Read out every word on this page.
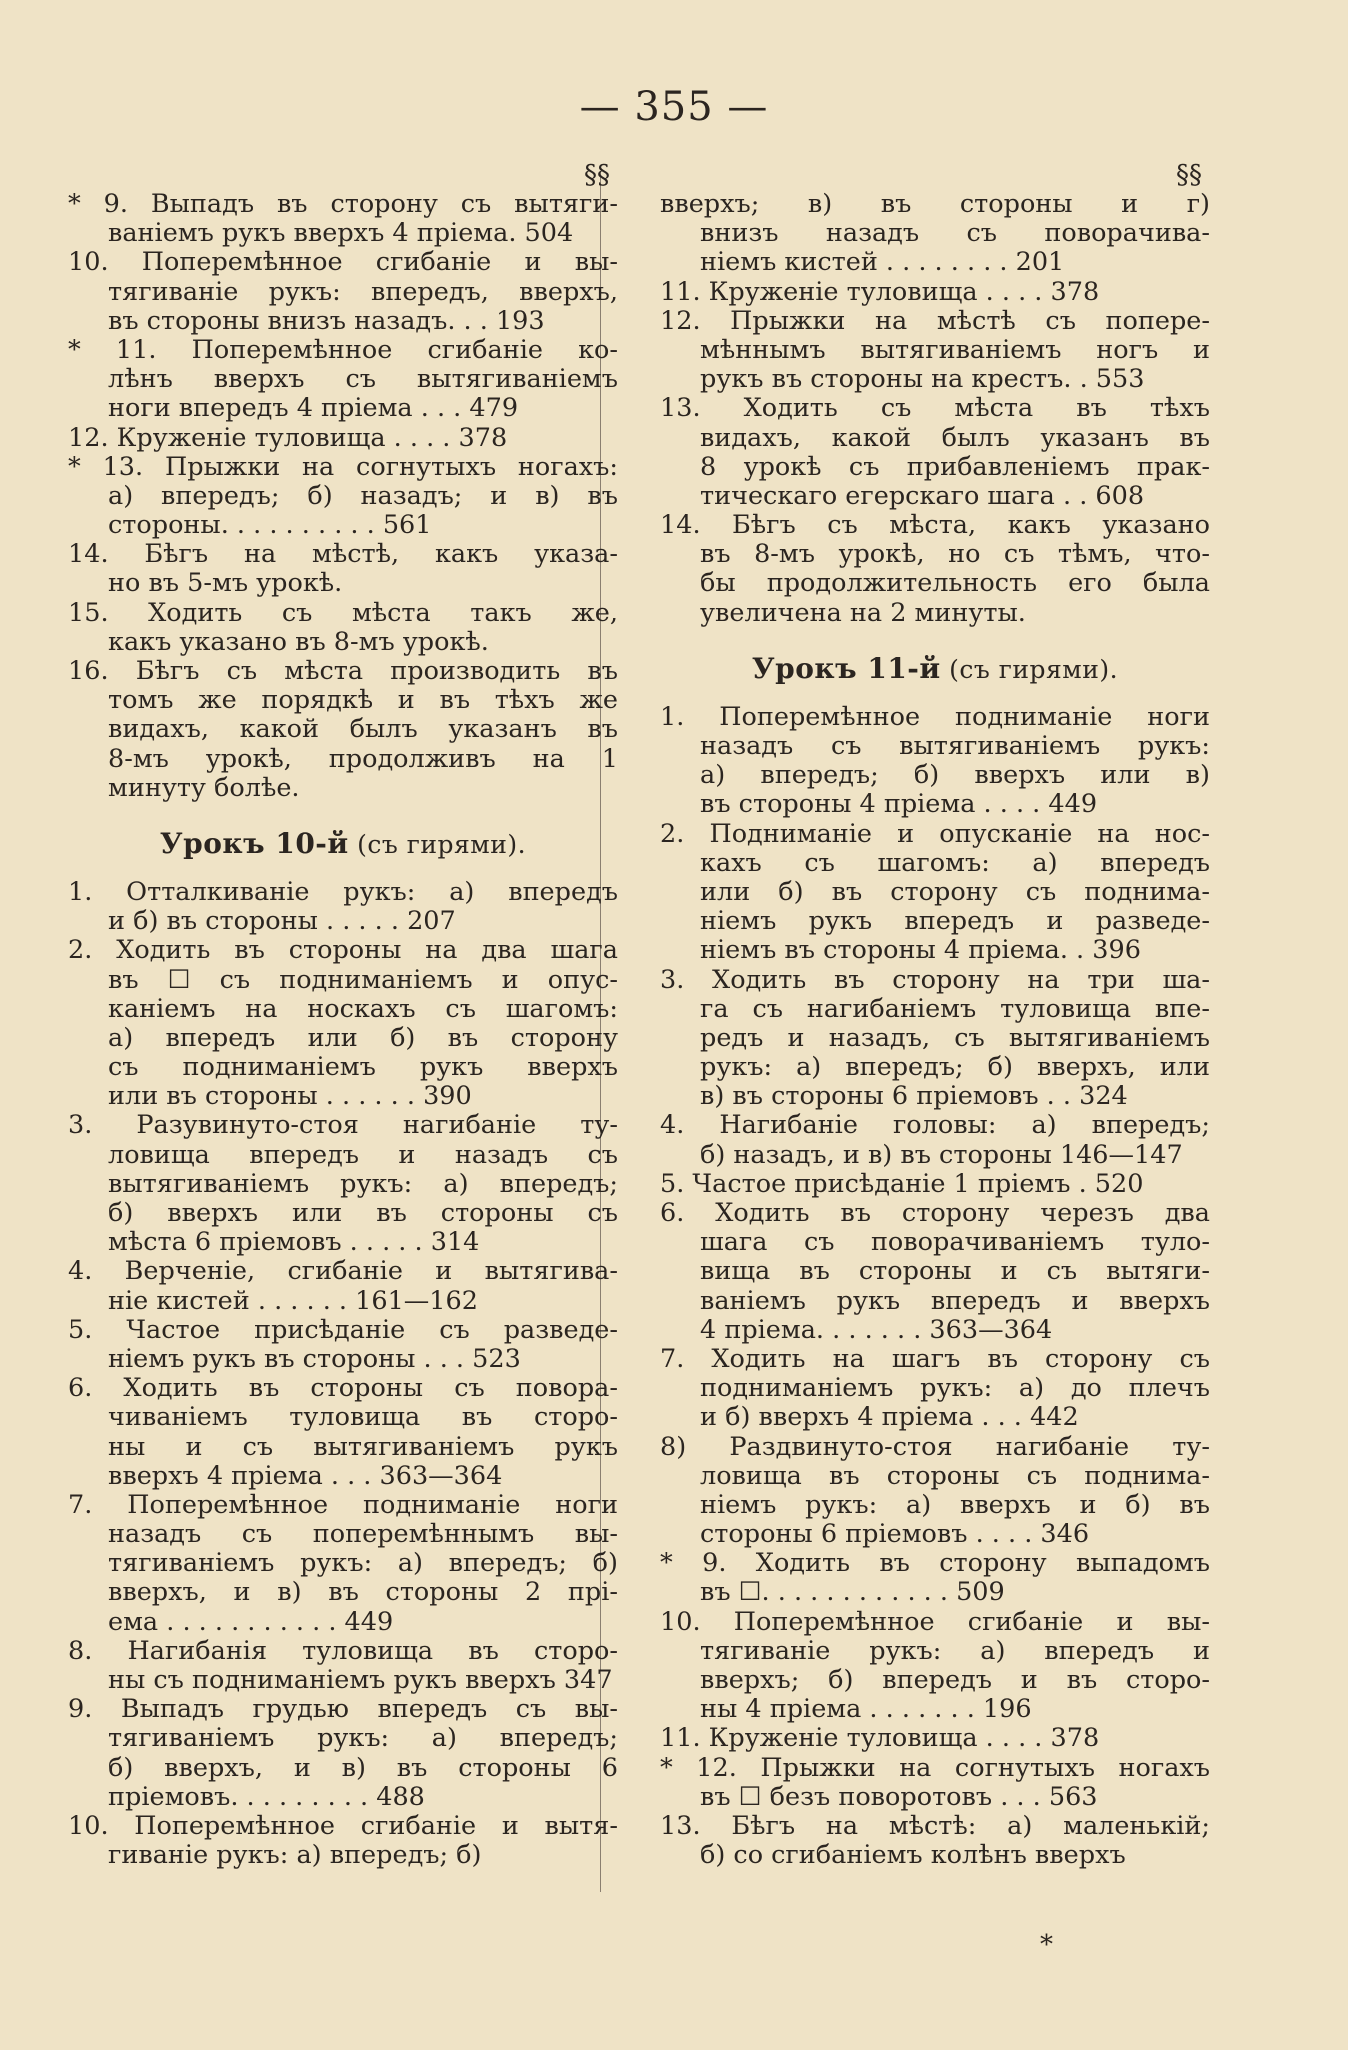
— 355 —
§§
* 9. Выпадъ въ сторону съ вытяги-
ваніемъ рукъ вверхъ 4 пріема. 504
10. Поперемѣнное сгибаніе и вы-
тягиваніе рукъ: впередъ, вверхъ,
въ стороны внизъ назадъ. . . 193
* 11. Поперемѣнное сгибаніе ко-
лѣнъ вверхъ съ вытягиваніемъ
ноги впередъ 4 пріема . . . 479
12. Круженіе туловища . . . . 378
* 13. Прыжки на согнутыхъ ногахъ:
а) впередъ; б) назадъ; и в) въ
стороны. . . . . . . . . . 561
14. Бѣгъ на мѣстѣ, какъ указа-
но въ 5-мъ урокѣ.
15. Ходить съ мѣста такъ же,
какъ указано въ 8-мъ урокѣ.
16. Бѣгъ съ мѣста производить въ
томъ же порядкѣ и въ тѣхъ же
видахъ, какой былъ указанъ въ
8-мъ урокѣ, продолживъ на 1
минуту болѣе.
Урокъ 10-й (съ гирями).
1. Отталкиваніе рукъ: а) впередъ
и б) въ стороны . . . . . 207
2. Ходить въ стороны на два шага
въ ☐ съ подниманіемъ и опус-
каніемъ на носкахъ съ шагомъ:
а) впередъ или б) въ сторону
съ подниманіемъ рукъ вверхъ
или въ стороны . . . . . . 390
3. Разувинуто-стоя нагибаніе ту-
ловища впередъ и назадъ съ
вытягиваніемъ рукъ: а) впередъ;
б) вверхъ или въ стороны съ
мѣста 6 пріемовъ . . . . . 314
4. Верченіе, сгибаніе и вытягива-
ніе кистей . . . . . . 161—162
5. Частое присѣданіе съ разведе-
ніемъ рукъ въ стороны . . . 523
6. Ходить въ стороны съ повора-
чиваніемъ туловища въ сторо-
ны и съ вытягиваніемъ рукъ
вверхъ 4 пріема . . . 363—364
7. Поперемѣнное подниманіе ноги
назадъ съ поперемѣннымъ вы-
тягиваніемъ рукъ: а) впередъ; б)
вверхъ, и в) въ стороны 2 прі-
ема . . . . . . . . . . . 449
8. Нагибанія туловища въ сторо-
ны съ подниманіемъ рукъ вверхъ 347
9. Выпадъ грудью впередъ съ вы-
тягиваніемъ рукъ: а) впередъ;
б) вверхъ, и в) въ стороны 6
пріемовъ. . . . . . . . . 488
10. Поперемѣнное сгибаніе и вытя-
гиваніе рукъ: а) впередъ; б)
§§
вверхъ; в) въ стороны и г)
внизъ назадъ съ поворачива-
ніемъ кистей . . . . . . . . 201
11. Круженіе туловища . . . . 378
12. Прыжки на мѣстѣ съ попере-
мѣннымъ вытягиваніемъ ногъ и
рукъ въ стороны на крестъ. . 553
13. Ходить съ мѣста въ тѣхъ
видахъ, какой былъ указанъ въ
8 урокѣ съ прибавленіемъ прак-
тическаго егерскаго шага . . 608
14. Бѣгъ съ мѣста, какъ указано
въ 8-мъ урокѣ, но съ тѣмъ, что-
бы продолжительность его была
увеличена на 2 минуты.
Урокъ 11-й (съ гирями).
1. Поперемѣнное подниманіе ноги
назадъ съ вытягиваніемъ рукъ:
а) впередъ; б) вверхъ или в)
въ стороны 4 пріема . . . . 449
2. Подниманіе и опусканіе на нос-
кахъ съ шагомъ: а) впередъ
или б) въ сторону съ поднима-
ніемъ рукъ впередъ и разведе-
ніемъ въ стороны 4 пріема. . 396
3. Ходить въ сторону на три ша-
га съ нагибаніемъ туловища впе-
редъ и назадъ, съ вытягиваніемъ
рукъ: а) впередъ; б) вверхъ, или
в) въ стороны 6 пріемовъ . . 324
4. Нагибаніе головы: а) впередъ;
б) назадъ, и в) въ стороны 146—147
5. Частое присѣданіе 1 пріемъ . 520
6. Ходить въ сторону черезъ два
шага съ поворачиваніемъ туло-
вища въ стороны и съ вытяги-
ваніемъ рукъ впередъ и вверхъ
4 пріема. . . . . . . 363—364
7. Ходить на шагъ въ сторону съ
подниманіемъ рукъ: а) до плечъ
и б) вверхъ 4 пріема . . . 442
8) Раздвинуто-стоя нагибаніе ту-
ловища въ стороны съ поднима-
ніемъ рукъ: а) вверхъ и б) въ
стороны 6 пріемовъ . . . . 346
* 9. Ходить въ сторону выпадомъ
въ ☐. . . . . . . . . . . . 509
10. Поперемѣнное сгибаніе и вы-
тягиваніе рукъ: а) впередъ и
вверхъ; б) впередъ и въ сторо-
ны 4 пріема . . . . . . . 196
11. Круженіе туловища . . . . 378
* 12. Прыжки на согнутыхъ ногахъ
въ ☐ безъ поворотовъ . . . 563
13. Бѣгъ на мѣстѣ: а) маленькій;
б) со сгибаніемъ колѣнъ вверхъ
*
